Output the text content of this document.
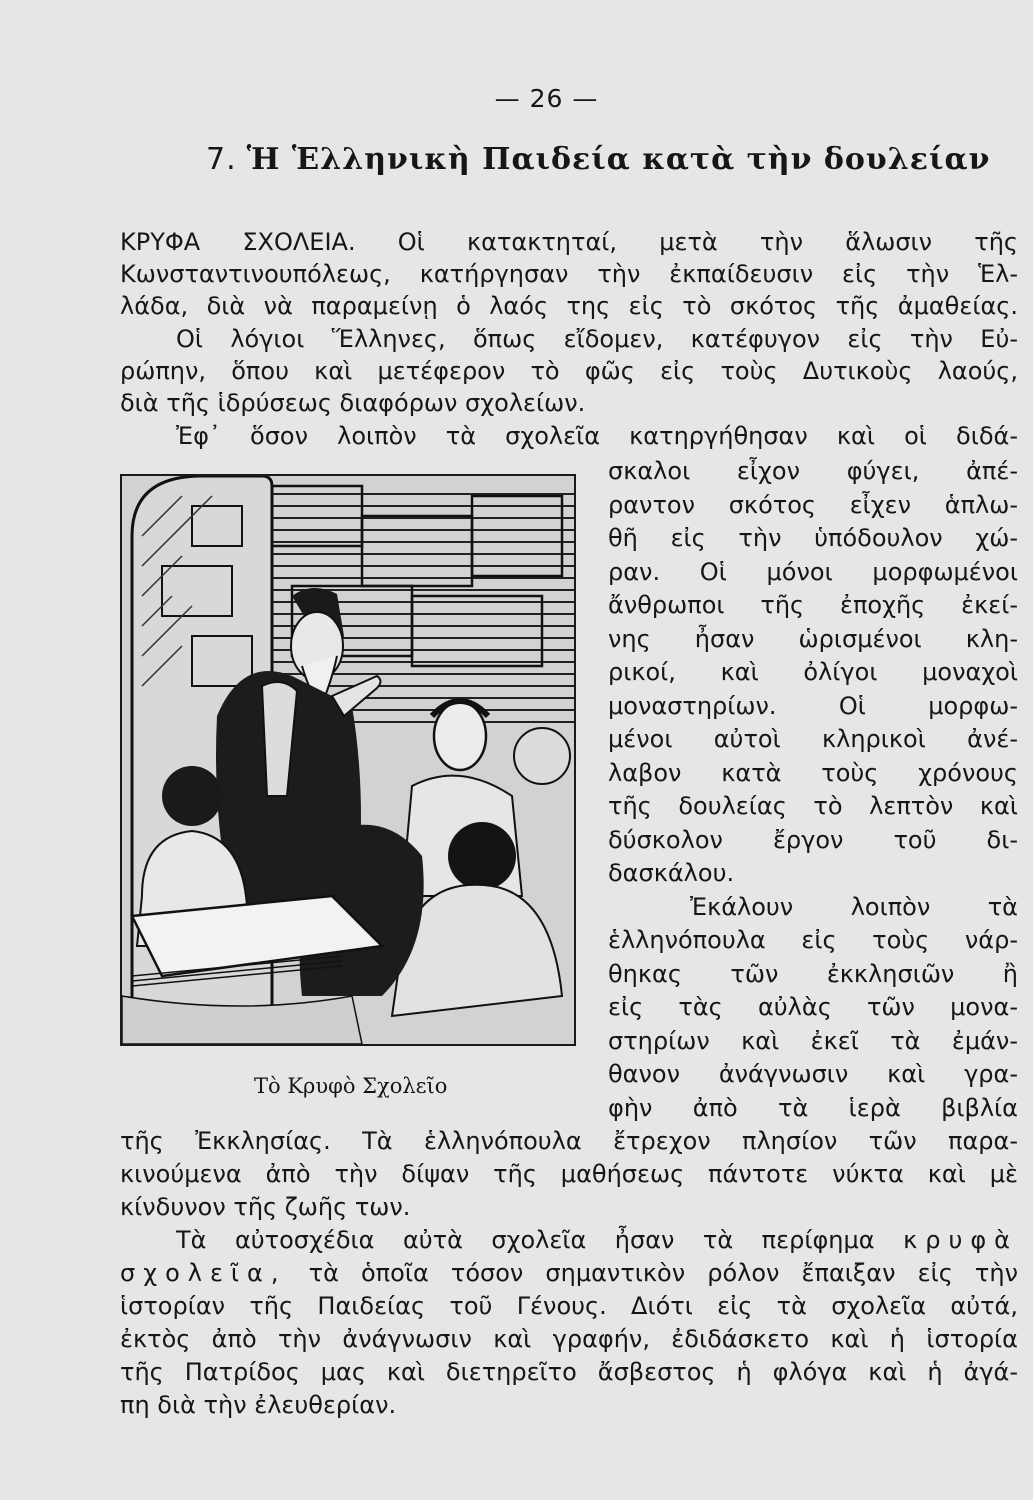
— 26 —
7. Ἡ Ἑλληνικὴ Παιδεία κατὰ τὴν δουλείαν
ΚΡΥΦΑ ΣΧΟΛΕΙΑ. Οἱ κατακτηταί, μετὰ τὴν ἅλωσιν τῆς
Κωνσταντινουπόλεως, κατήργησαν τὴν ἐκπαίδευσιν εἰς τὴν Ἑλ-
λάδα, διὰ νὰ παραμείνῃ ὁ λαός της εἰς τὸ σκότος τῆς ἀμαθείας.
Οἱ λόγιοι Ἕλληνες, ὅπως εἴδομεν, κατέφυγον εἰς τὴν Εὐ-
ρώπην, ὅπου καὶ μετέφερον τὸ φῶς εἰς τοὺς Δυτικοὺς λαούς,
διὰ τῆς ἱδρύσεως διαφόρων σχολείων.
Ἐφ᾽ ὅσον λοιπὸν τὰ σχολεῖα κατηργήθησαν καὶ οἱ διδά-
Τὸ Κρυφὸ Σχολεῖο
σκαλοι εἶχον φύγει, ἀπέ-
ραντον σκότος εἶχεν ἁπλω-
θῆ εἰς τὴν ὑπόδουλον χώ-
ραν. Οἱ μόνοι μορφωμένοι
ἄνθρωποι τῆς ἐποχῆς ἐκεί-
νης ἦσαν ὡρισμένοι κλη-
ρικοί, καὶ ὀλίγοι μοναχοὶ
μοναστηρίων. Οἱ μορφω-
μένοι αὐτοὶ κληρικοὶ ἀνέ-
λαβον κατὰ τοὺς χρόνους
τῆς δουλείας τὸ λεπτὸν καὶ
δύσκολον ἔργον τοῦ δι-
δασκάλου.
Ἐκάλουν λοιπὸν τὰ
ἑλληνόπουλα εἰς τοὺς νάρ-
θηκας τῶν ἐκκλησιῶν ἢ
εἰς τὰς αὐλὰς τῶν μονα-
στηρίων καὶ ἐκεῖ τὰ ἐμάν-
θανον ἀνάγνωσιν καὶ γρα-
φὴν ἀπὸ τὰ ἱερὰ βιβλία
τῆς Ἐκκλησίας. Τὰ ἑλληνόπουλα ἔτρεχον πλησίον τῶν παρα-
κινούμενα ἀπὸ τὴν δίψαν τῆς μαθήσεως πάντοτε νύκτα καὶ μὲ
κίνδυνον τῆς ζωῆς των.
Τὰ αὐτοσχέδια αὐτὰ σχολεῖα ἦσαν τὰ περίφημα κρυφὰ
σχολεῖα, τὰ ὁποῖα τόσον σημαντικὸν ρόλον ἔπαιξαν εἰς τὴν
ἱστορίαν τῆς Παιδείας τοῦ Γένους. Διότι εἰς τὰ σχολεῖα αὐτά,
ἐκτὸς ἀπὸ τὴν ἀνάγνωσιν καὶ γραφήν, ἐδιδάσκετο καὶ ἡ ἱστορία
τῆς Πατρίδος μας καὶ διετηρεῖτο ἄσβεστος ἡ φλόγα καὶ ἡ ἀγά-
πη διὰ τὴν ἐλευθερίαν.
